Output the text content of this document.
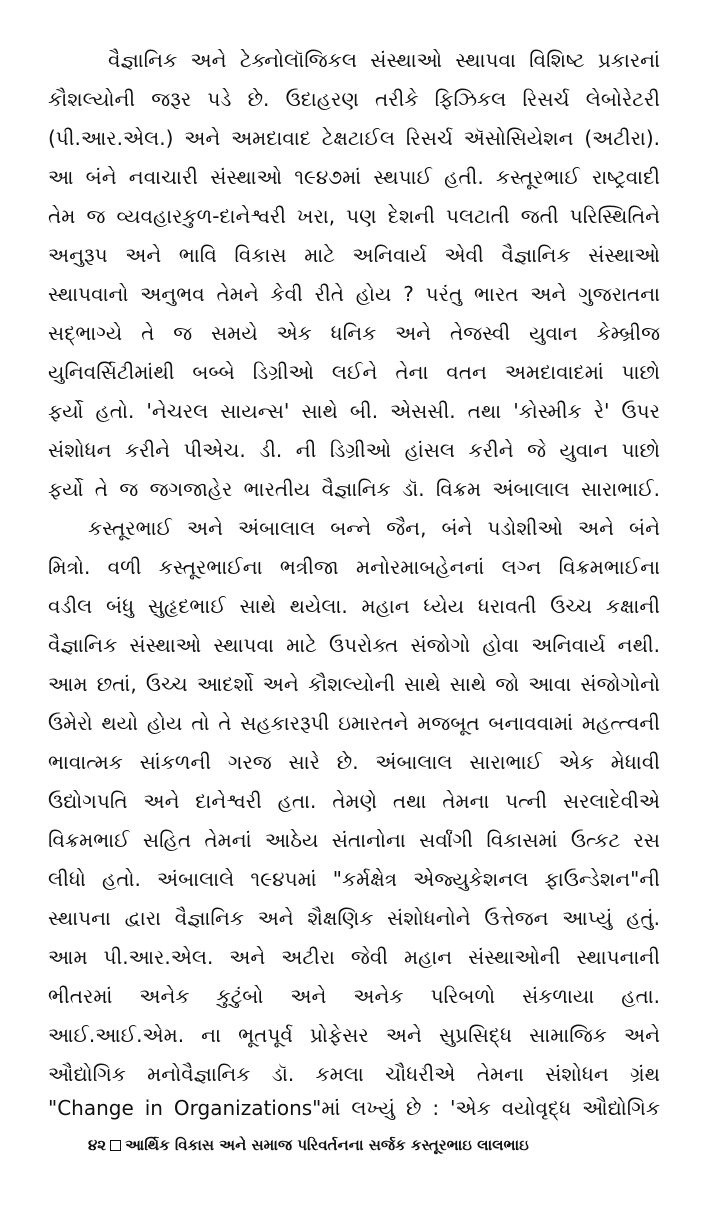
વૈજ્ઞાનિક અને ટેક્નોલૉજિકલ સંસ્થાઓ સ્થાપવા વિશિષ્ટ પ્રકારનાં
કૌશલ્યોની જરૂર પડે છે. ઉદાહરણ તરીકે ફિઝિકલ રિસર્ચ લેબોરેટરી
(પી.આર.એલ.) અને અમદાવાદ ટેક્ષટાઈલ રિસર્ચ ઍસોસિયેશન (અટીરા).
આ બંને નવાચારી સંસ્થાઓ ૧૯૪૭માં સ્થપાઈ હતી. કસ્તૂરભાઈ રાષ્ટ્રવાદી
તેમ જ વ્યવહારકુળ-દાનેશ્વરી ખરા, પણ દેશની પલટાતી જતી પરિસ્થિતિને
અનુરૂપ અને ભાવિ વિકાસ માટે અનિવાર્ય એવી વૈજ્ઞાનિક સંસ્થાઓ
સ્થાપવાનો અનુભવ તેમને કેવી રીતે હોય ? પરંતુ ભારત અને ગુજરાતના
સદ્ભાગ્યે તે જ સમયે એક ધનિક અને તેજસ્વી યુવાન કેમ્બ્રીજ
યુનિવર્સિટીમાંથી બબ્બે ડિગ્રીઓ લઈને તેના વતન અમદાવાદમાં પાછો
ફર્યો હતો. 'નેચરલ સાયન્સ' સાથે બી. એસસી. તથા 'કોસ્મીક રે' ઉપર
સંશોધન કરીને પીએચ. ડી. ની ડિગ્રીઓ હાંસલ કરીને જે યુવાન પાછો
ફર્યો તે જ જગજાહેર ભારતીય વૈજ્ઞાનિક ડૉ. વિક્રમ અંબાલાલ સારાભાઈ.
કસ્તૂરભાઈ અને અંબાલાલ બન્ને જૈન, બંને પડોશીઓ અને બંને
મિત્રો. વળી કસ્તૂરભાઈના ભત્રીજા મનોરમાબહેનનાં લગ્ન વિક્રમભાઈના
વડીલ બંધુ સુહૃદભાઈ સાથે થયેલા. મહાન ધ્યેય ધરાવતી ઉચ્ચ કક્ષાની
વૈજ્ઞાનિક સંસ્થાઓ સ્થાપવા માટે ઉપરોક્ત સંજોગો હોવા અનિવાર્ય નથી.
આમ છતાં, ઉચ્ચ આદર્શો અને કૌશલ્યોની સાથે સાથે જો આવા સંજોગોનો
ઉમેરો થયો હોય તો તે સહકારરૂપી ઇમારતને મજબૂત બનાવવામાં મહત્ત્વની
ભાવાત્મક સાંકળની ગરજ સારે છે. અંબાલાલ સારાભાઈ એક મેધાવી
ઉદ્યોગપતિ અને દાનેશ્વરી હતા. તેમણે તથા તેમના પત્ની સરલાદેવીએ
વિક્રમભાઈ સહિત તેમનાં આઠેય સંતાનોના સર્વાંગી વિકાસમાં ઉત્કટ રસ
લીધો હતો. અંબાલાલે ૧૯૪૫માં "કર્મક્ષેત્ર એજ્યુકેશનલ ફાઉન્ડેશન"ની
સ્થાપના દ્વારા વૈજ્ઞાનિક અને શૈક્ષણિક સંશોધનોને ઉત્તેજન આપ્યું હતું.
આમ પી.આર.એલ. અને અટીરા જેવી મહાન સંસ્થાઓની સ્થાપનાની
ભીતરમાં અનેક કુટુંબો અને અનેક પરિબળો સંકળાયા હતા.
આઈ.આઈ.એમ. ના ભૂતપૂર્વ પ્રોફેસર અને સુપ્રસિદ્ધ સામાજિક અને
ઔદ્યોગિક મનોવૈજ્ઞાનિક ડૉ. કમલા ચૌધરીએ તેમના સંશોધન ગ્રંથ
"Change in Organizations"માં લખ્યું છે : 'એક વયોવૃદ્ધ ઔદ્યોગિક
૪૨ આર્થિક વિકાસ અને સમાજ પરિવર્તનના સર્જક કસ્તૂરભાઇ લાલભાઇ
